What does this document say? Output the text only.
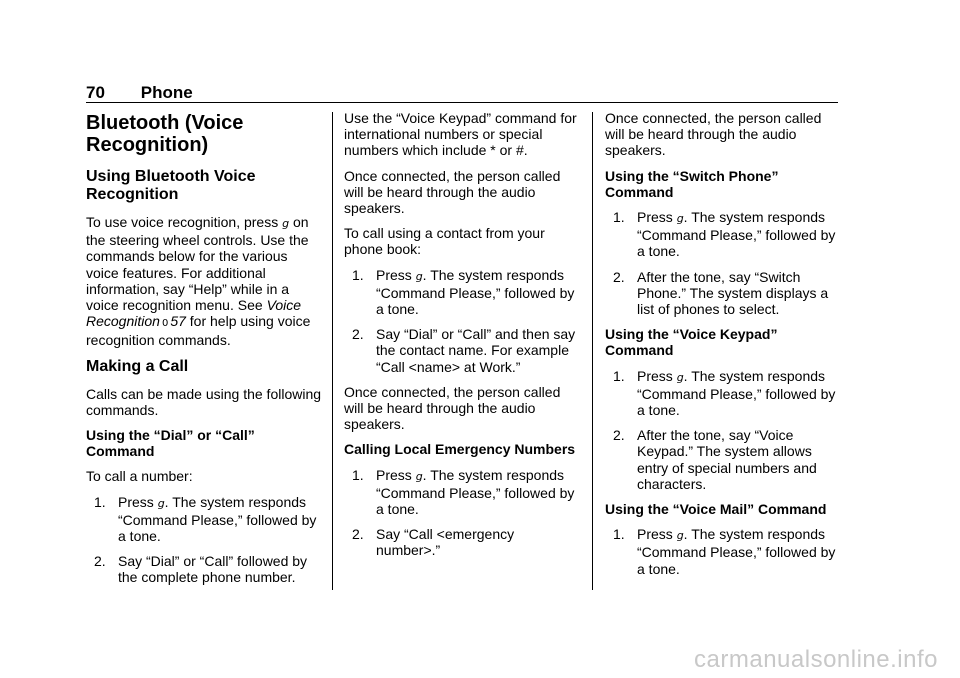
70 Phone
Bluetooth (Voice Recognition)
Using Bluetooth Voice Recognition

To use voice recognition, press g on the steering wheel controls. Use the commands below for the various voice features. For additional information, say “Help” while in a voice recognition menu. See Voice Recognition 0 57 for help using voice recognition commands.

Making a Call

Calls can be made using the following commands.

Using the “Dial” or “Call” Command

To call a number:

1. Press g. The system responds “Command Please,” followed by a tone.
2. Say “Dial” or “Call” followed by the complete phone number.

Use the “Voice Keypad” command for international numbers or special numbers which include * or #.

Once connected, the person called will be heard through the audio speakers.

To call using a contact from your phone book:

1. Press g. The system responds “Command Please,” followed by a tone.
2. Say “Dial” or “Call” and then say the contact name. For example “Call <name> at Work.”

Once connected, the person called will be heard through the audio speakers.

Calling Local Emergency Numbers

1. Press g. The system responds “Command Please,” followed by a tone.
2. Say “Call <emergency number>.”

Once connected, the person called will be heard through the audio speakers.

Using the “Switch Phone” Command

1. Press g. The system responds “Command Please,” followed by a tone.
2. After the tone, say “Switch Phone.” The system displays a list of phones to select.

Using the “Voice Keypad” Command

1. Press g. The system responds “Command Please,” followed by a tone.
2. After the tone, say “Voice Keypad.” The system allows entry of special numbers and characters.

Using the “Voice Mail” Command

1. Press g. The system responds “Command Please,” followed by a tone.
carmanualsonline.info
